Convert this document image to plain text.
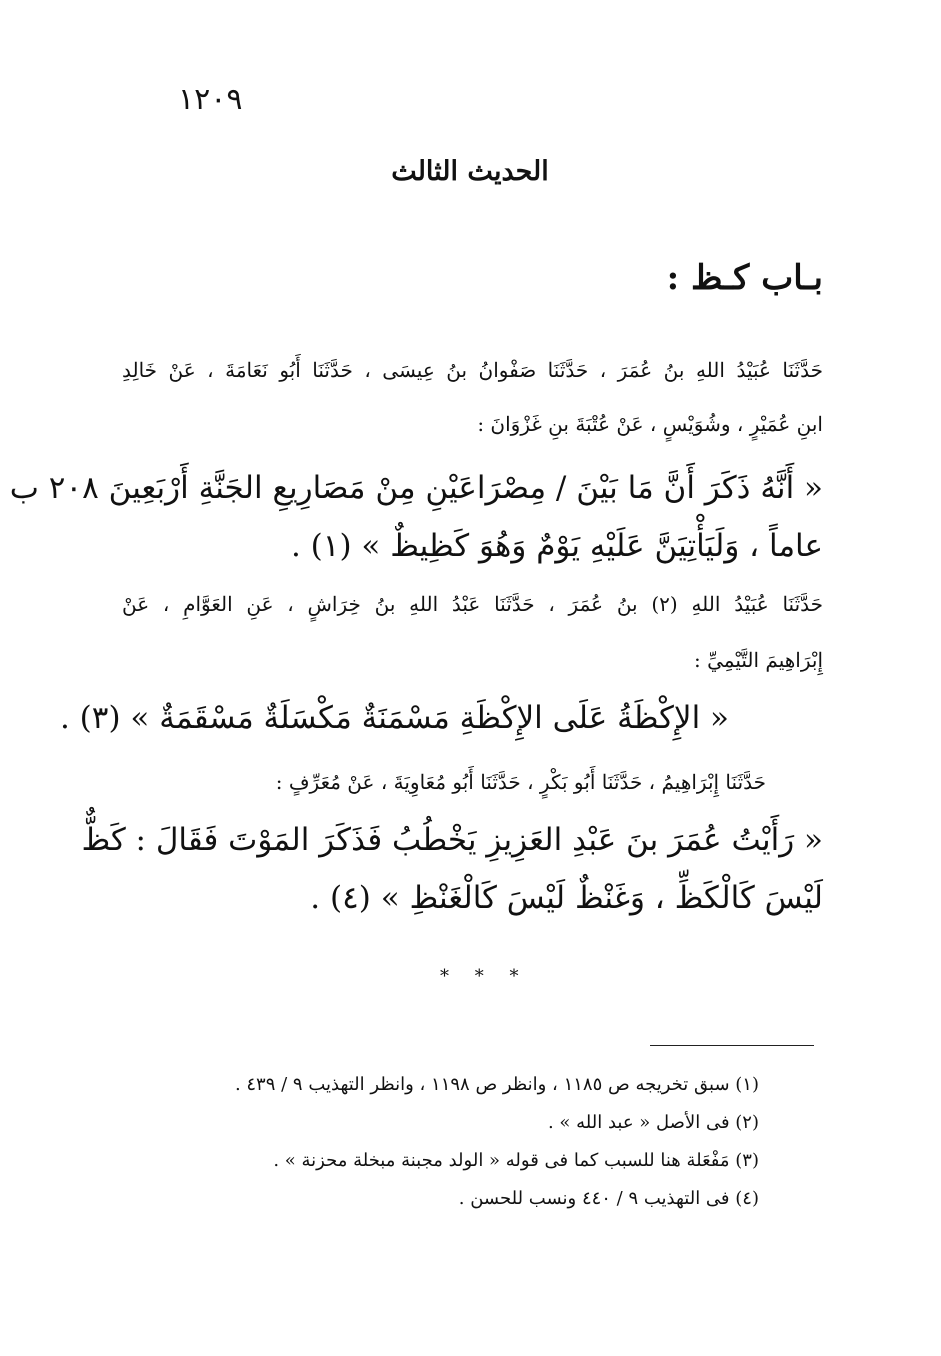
١٢٠٩
الحديث الثالث
بـاب كـظ :
حَدَّثَنَا عُبَيْدُ اللهِ بنُ عُمَرَ ، حَدَّثَنَا صَفْوانُ بنُ عِيسَى ، حَدَّثَنَا أَبُو نَعَامَةَ ، عَنْ خَالِدِ
ابنِ عُمَيْرٍ ، وشُوَيْسٍ ، عَنْ عُتْبَةَ بنِ غَزْوَانَ :
« أَنَّهُ ذَكَرَ أَنَّ مَا بَيْنَ / مِصْرَاعَيْنِ مِنْ مَصَارِيعِ الجَنَّةِ أَرْبَعِينَ ٢٠٨ ب
عاماً ، وَلَيَأْتِيَنَّ عَلَيْهِ يَوْمٌ وَهُوَ كَظِيظٌ » (١) .
حَدَّثَنَا عُبَيْدُ اللهِ (٢) بنُ عُمَرَ ، حَدَّثَنَا عَبْدُ اللهِ بنُ خِرَاشٍ ، عَنِ العَوَّامِ ، عَنْ
إِبْرَاهِيمَ التَّيْمِيِّ :
« الإِكْظَةُ عَلَى الإِكْظَةِ مَسْمَنَةٌ مَكْسَلَةٌ مَسْقَمَةٌ » (٣) .
حَدَّثَنَا إِبْرَاهِيمُ ، حَدَّثَنَا أَبُو بَكْرٍ ، حَدَّثَنَا أَبُو مُعَاوِيَةَ ، عَنْ مُعَرِّفٍ :
« رَأَيْتُ عُمَرَ بنَ عَبْدِ العَزِيزِ يَخْطُبُ فَذَكَرَ المَوْتَ فَقَالَ : كَظٌّ
لَيْسَ كَالْكَظِّ ، وَغَنْظٌ لَيْسَ كَالْغَنْظِ » (٤) .
* * *
(١) سبق تخريجه ص ١١٨٥ ، وانظر ص ١١٩٨ ، وانظر التهذيب ٩ / ٤٣٩ .
(٢) فى الأصل « عبد الله » .
(٣) مَفْعَلة هنا للسبب كما فى قوله « الولد مجبنة مبخلة محزنة » .
(٤) فى التهذيب ٩ / ٤٤٠ ونسب للحسن .
